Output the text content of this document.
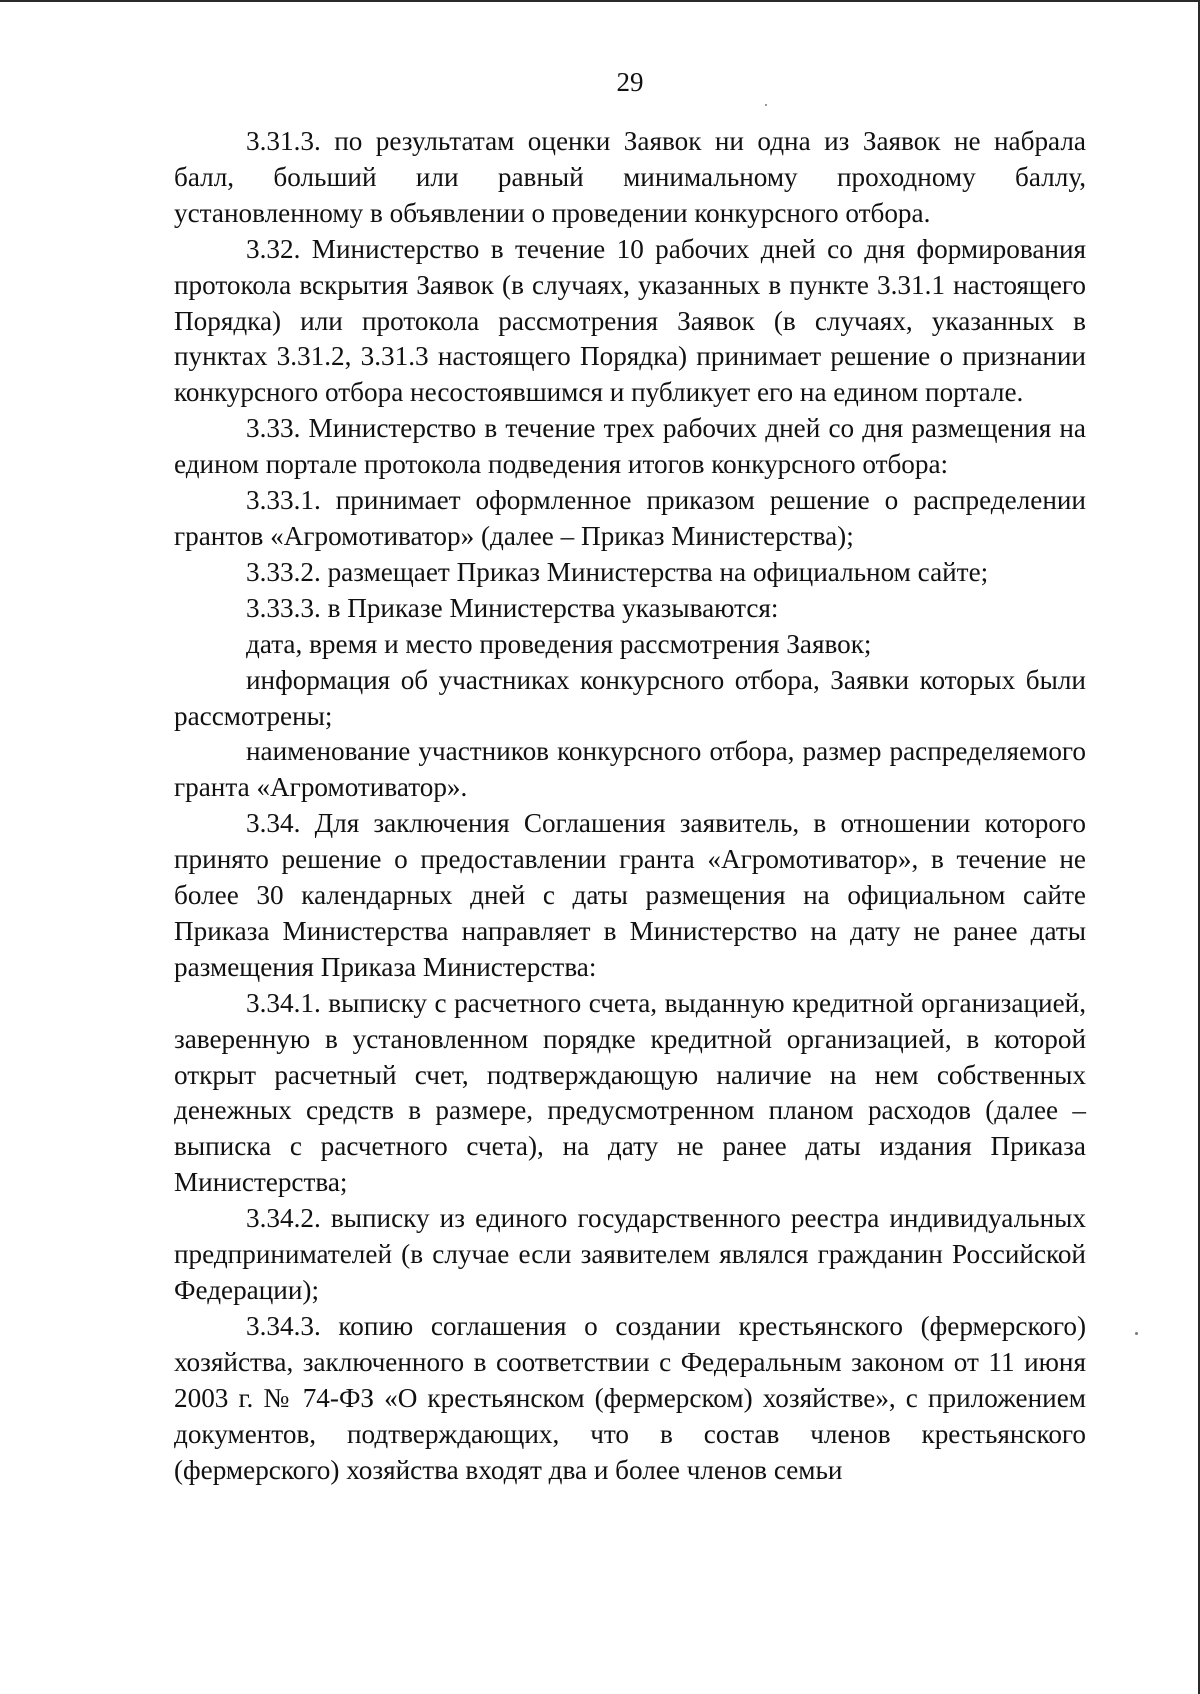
29

3.31.3. по результатам оценки Заявок ни одна из Заявок не набрала балл, больший или равный минимальному проходному баллу, установленному в объявлении о проведении конкурсного отбора.

3.32. Министерство в течение 10 рабочих дней со дня формирования протокола вскрытия Заявок (в случаях, указанных в пункте 3.31.1 настоящего Порядка) или протокола рассмотрения Заявок (в случаях, указанных в пунктах 3.31.2, 3.31.3 настоящего Порядка) принимает решение о признании конкурсного отбора несостоявшимся и публикует его на едином портале.

3.33. Министерство в течение трех рабочих дней со дня размещения на едином портале протокола подведения итогов конкурсного отбора:

3.33.1. принимает оформленное приказом решение о распределении грантов «Агромотиватор» (далее – Приказ Министерства);

3.33.2. размещает Приказ Министерства на официальном сайте;

3.33.3. в Приказе Министерства указываются:

дата, время и место проведения рассмотрения Заявок;

информация об участниках конкурсного отбора, Заявки которых были рассмотрены;

наименование участников конкурсного отбора, размер распределяемого гранта «Агромотиватор».

3.34. Для заключения Соглашения заявитель, в отношении которого принято решение о предоставлении гранта «Агромотиватор», в течение не более 30 календарных дней с даты размещения на официальном сайте Приказа Министерства направляет в Министерство на дату не ранее даты размещения Приказа Министерства:

3.34.1. выписку с расчетного счета, выданную кредитной организацией, заверенную в установленном порядке кредитной организацией, в которой открыт расчетный счет, подтверждающую наличие на нем собственных денежных средств в размере, предусмотренном планом расходов (далее – выписка с расчетного счета), на дату не ранее даты издания Приказа Министерства;

3.34.2. выписку из единого государственного реестра индивидуальных предпринимателей (в случае если заявителем являлся гражданин Российской Федерации);

3.34.3. копию соглашения о создании крестьянского (фермерского) хозяйства, заключенного в соответствии с Федеральным законом от 11 июня 2003 г. № 74-ФЗ «О крестьянском (фермерском) хозяйстве», с приложением документов, подтверждающих, что в состав членов крестьянского (фермерского) хозяйства входят два и более членов семьи
